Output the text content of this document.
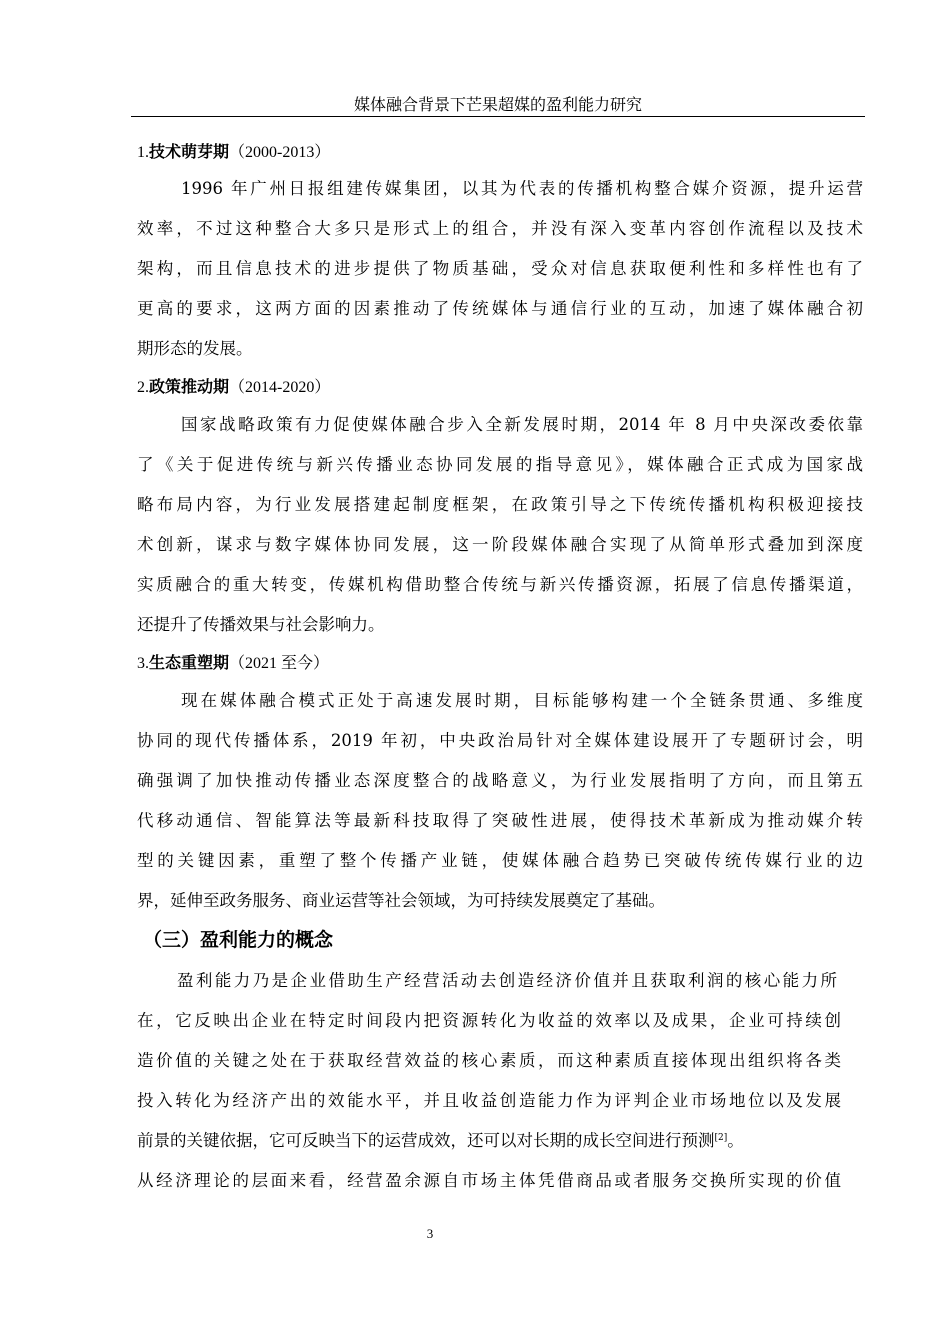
媒体融合背景下芒果超媒的盈利能力研究
1.技术萌芽期（2000-2013）
1996 年广州日报组建传媒集团，以其为代表的传播机构整合媒介资源，提升运营
效率，不过这种整合大多只是形式上的组合，并没有深入变革内容创作流程以及技术
架构，而且信息技术的进步提供了物质基础，受众对信息获取便利性和多样性也有了
更高的要求，这两方面的因素推动了传统媒体与通信行业的互动，加速了媒体融合初
期形态的发展。
2.政策推动期（2014-2020）
国家战略政策有力促使媒体融合步入全新发展时期，2014 年 8 月中央深改委依靠
了《关于促进传统与新兴传播业态协同发展的指导意见》，媒体融合正式成为国家战
略布局内容，为行业发展搭建起制度框架，在政策引导之下传统传播机构积极迎接技
术创新，谋求与数字媒体协同发展，这一阶段媒体融合实现了从简单形式叠加到深度
实质融合的重大转变，传媒机构借助整合传统与新兴传播资源，拓展了信息传播渠道，
还提升了传播效果与社会影响力。
3.生态重塑期（2021 至今）
现在媒体融合模式正处于高速发展时期，目标能够构建一个全链条贯通、多维度
协同的现代传播体系，2019 年初，中央政治局针对全媒体建设展开了专题研讨会，明
确强调了加快推动传播业态深度整合的战略意义，为行业发展指明了方向，而且第五
代移动通信、智能算法等最新科技取得了突破性进展，使得技术革新成为推动媒介转
型的关键因素，重塑了整个传播产业链，使媒体融合趋势已突破传统传媒行业的边
界，延伸至政务服务、商业运营等社会领域，为可持续发展奠定了基础。
（三）盈利能力的概念
盈利能力乃是企业借助生产经营活动去创造经济价值并且获取利润的核心能力所
在，它反映出企业在特定时间段内把资源转化为收益的效率以及成果，企业可持续创
造价值的关键之处在于获取经营效益的核心素质，而这种素质直接体现出组织将各类
投入转化为经济产出的效能水平，并且收益创造能力作为评判企业市场地位以及发展
前景的关键依据，它可反映当下的运营成效，还可以对长期的成长空间进行预测[2]。
从经济理论的层面来看，经营盈余源自市场主体凭借商品或者服务交换所实现的价值
3
